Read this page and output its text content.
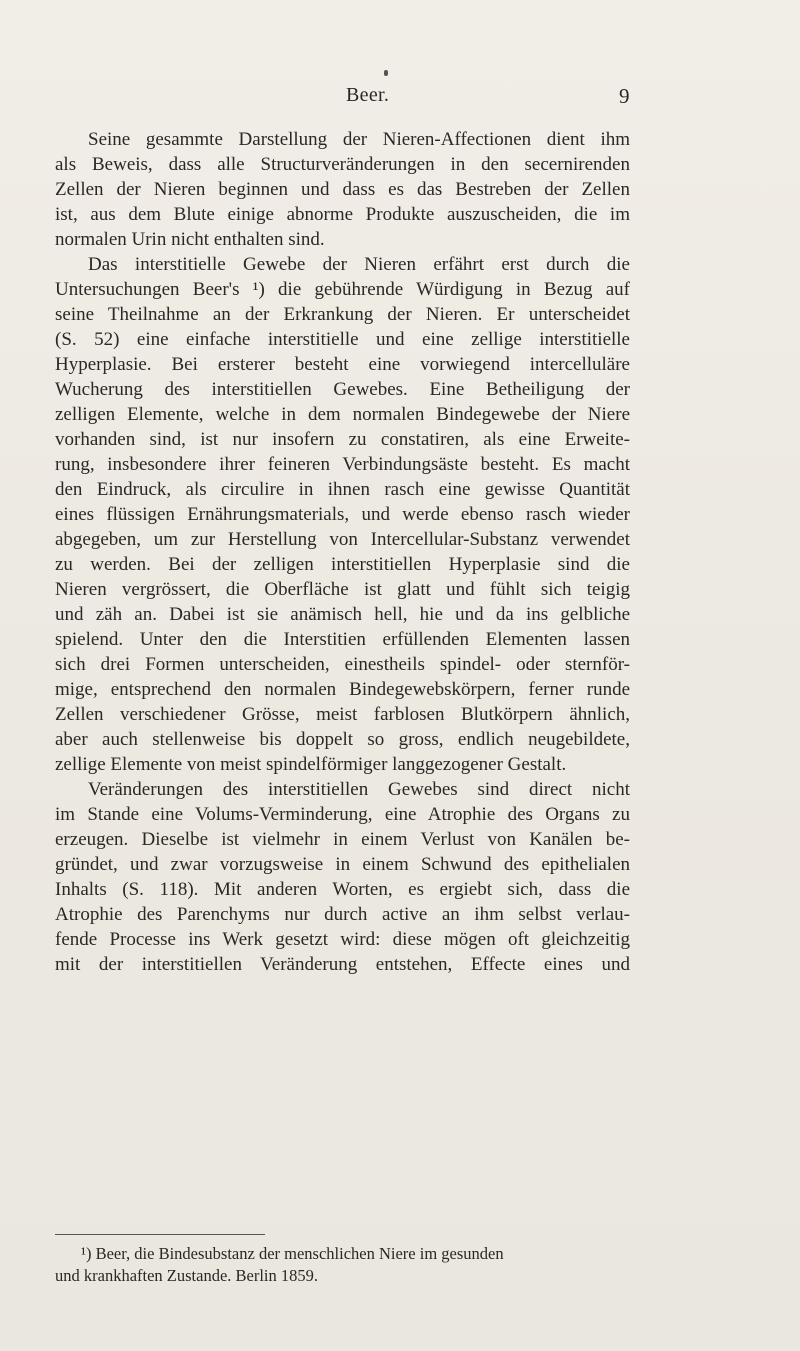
Beer.	9
Seine gesammte Darstellung der Nieren-Affectionen dient ihm
als Beweis, dass alle Structurveränderungen in den secernirenden
Zellen der Nieren beginnen und dass es das Bestreben der Zellen
ist, aus dem Blute einige abnorme Produkte auszuscheiden, die im
normalen Urin nicht enthalten sind.
Das interstitielle Gewebe der Nieren erfährt erst durch die
Untersuchungen Beer's ¹) die gebührende Würdigung in Bezug auf
seine Theilnahme an der Erkrankung der Nieren. Er unterscheidet
(S. 52) eine einfache interstitielle und eine zellige interstitielle
Hyperplasie. Bei ersterer besteht eine vorwiegend intercelluläre
Wucherung des interstitiellen Gewebes. Eine Betheiligung der
zelligen Elemente, welche in dem normalen Bindegewebe der Niere
vorhanden sind, ist nur insofern zu constatiren, als eine Erweite-
rung, insbesondere ihrer feineren Verbindungsäste besteht. Es macht
den Eindruck, als circulire in ihnen rasch eine gewisse Quantität
eines flüssigen Ernährungsmaterials, und werde ebenso rasch wieder
abgegeben, um zur Herstellung von Intercellular-Substanz verwendet
zu werden. Bei der zelligen interstitiellen Hyperplasie sind die
Nieren vergrössert, die Oberfläche ist glatt und fühlt sich teigig
und zäh an. Dabei ist sie anämisch hell, hie und da ins gelbliche
spielend. Unter den die Interstitien erfüllenden Elementen lassen
sich drei Formen unterscheiden, einestheils spindel- oder sternför-
mige, entsprechend den normalen Bindegewebskörpern, ferner runde
Zellen verschiedener Grösse, meist farblosen Blutkörpern ähnlich,
aber auch stellenweise bis doppelt so gross, endlich neugebildete,
zellige Elemente von meist spindelförmiger langgezogener Gestalt.
Veränderungen des interstitiellen Gewebes sind direct nicht
im Stande eine Volums-Verminderung, eine Atrophie des Organs zu
erzeugen. Dieselbe ist vielmehr in einem Verlust von Kanälen be-
gründet, und zwar vorzugsweise in einem Schwund des epithelialen
Inhalts (S. 118). Mit anderen Worten, es ergiebt sich, dass die
Atrophie des Parenchyms nur durch active an ihm selbst verlau-
fende Processe ins Werk gesetzt wird: diese mögen oft gleichzeitig
mit der interstitiellen Veränderung entstehen, Effecte eines und
¹) Beer, die Bindesubstanz der menschlichen Niere im gesunden
und krankhaften Zustande. Berlin 1859.
